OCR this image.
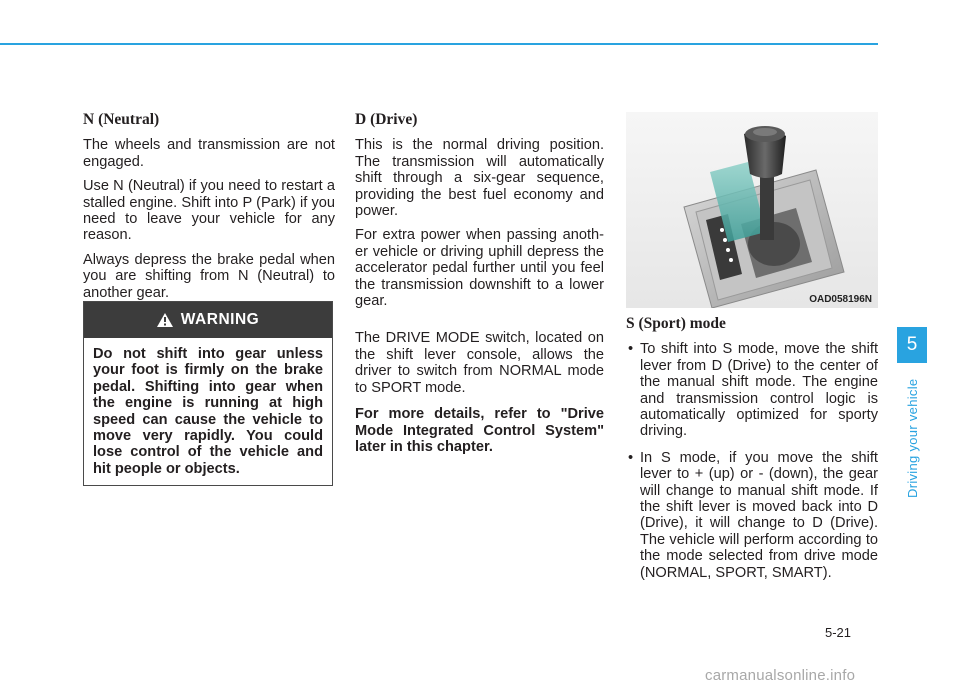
N (Neutral)

The wheels and transmission are not engaged.

Use N (Neutral) if you need to restart a stalled engine. Shift into P (Park) if you need to leave your vehicle for any reason.

Always depress the brake pedal when you are shifting from N (Neutral) to another gear.

WARNING
Do not shift into gear unless your foot is firmly on the brake pedal. Shifting into gear when the engine is running at high speed can cause the vehicle to move very rapidly. You could lose control of the vehicle and hit people or objects.
D (Drive)

This is the normal driving position. The transmission will automatically shift through a six-gear sequence, providing the best fuel economy and power.

For extra power when passing anoth-er vehicle or driving uphill depress the accelerator pedal further until you feel the transmission downshift to a lower gear.

The DRIVE MODE switch, located on the shift lever console, allows the driver to switch from NORMAL mode to SPORT mode.

For more details, refer to "Drive Mode Integrated Control System" later in this chapter.

OAD058196N
S (Sport) mode
• To shift into S mode, move the shift lever from D (Drive) to the center of the manual shift mode. The engine and transmission control logic is automatically optimized for sporty driving.
• In S mode, if you move the shift lever to + (up) or - (down), the gear will change to manual shift mode. If the shift lever is moved back into D (Drive), it will change to D (Drive). The vehicle will perform according to the mode selected from drive mode (NORMAL, SPORT, SMART).
5
Driving your vehicle
5-21
carmanualsonline.info
